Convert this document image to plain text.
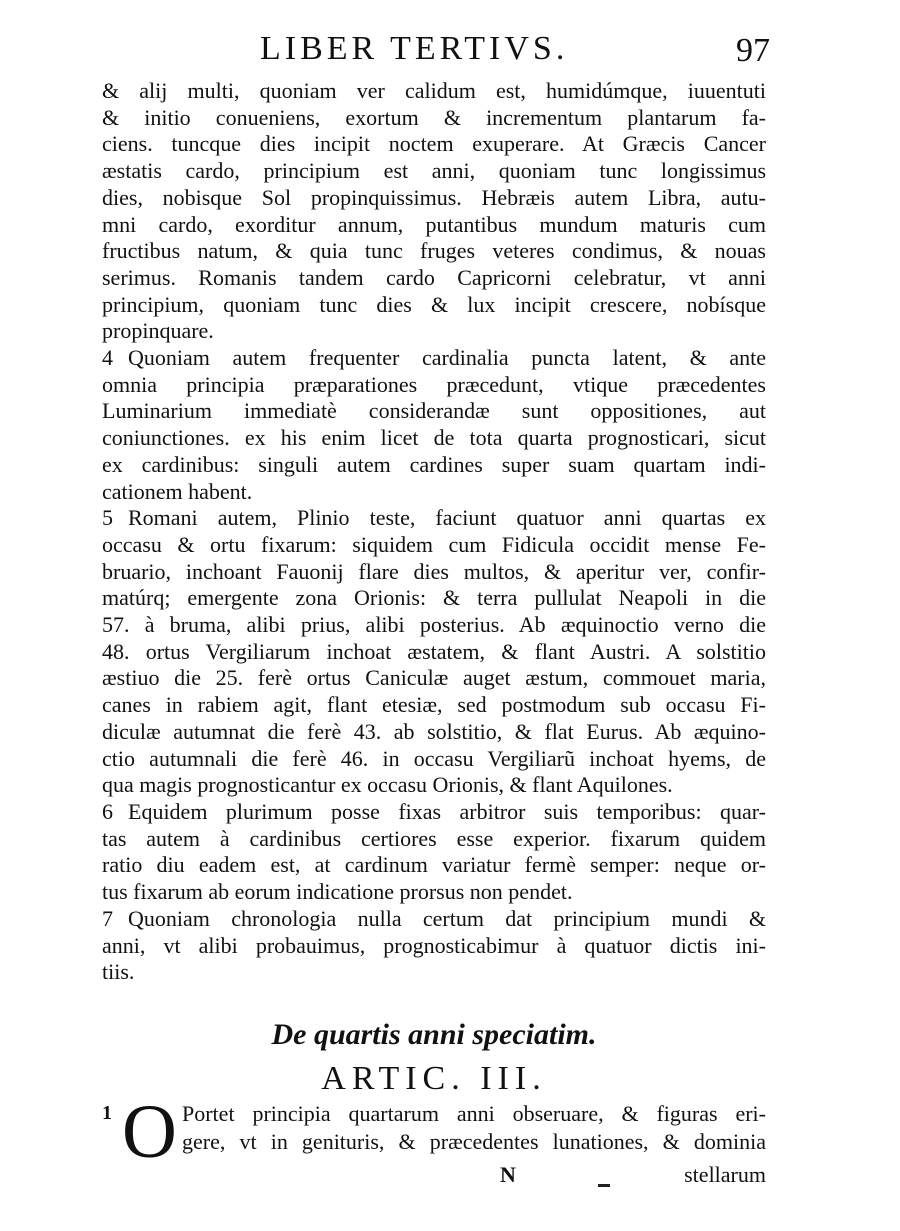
LIBER TERTIVS.	97
& alij multi, quoniam ver calidum est, humidúmque, iuuentuti
& initio conueniens, exortum & incrementum plantarum fa-
ciens. tuncque dies incipit noctem exuperare. At Græcis Cancer
æstatis cardo, principium est anni, quoniam tunc longissimus
dies, nobisque Sol propinquissimus. Hebræis autem Libra, autu-
mni cardo, exorditur annum, putantibus mundum maturis cum
fructibus natum, & quia tunc fruges veteres condimus, & nouas
serimus. Romanis tandem cardo Capricorni celebratur, vt anni
principium, quoniam tunc dies & lux incipit crescere, nobísque
propinquare.
4 Quoniam autem frequenter cardinalia puncta latent, & ante
omnia principia præparationes præcedunt, vtique præcedentes
Luminarium immediatè considerandæ sunt oppositiones, aut
coniunctiones. ex his enim licet de tota quarta prognosticari, sicut
ex cardinibus: singuli autem cardines super suam quartam indi-
cationem habent.
5 Romani autem, Plinio teste, faciunt quatuor anni quartas ex
occasu & ortu fixarum: siquidem cum Fidicula occidit mense Fe-
bruario, inchoant Fauonij flare dies multos, & aperitur ver, confir-
matúrq; emergente zona Orionis: & terra pullulat Neapoli in die
57. à bruma, alibi prius, alibi posterius. Ab æquinoctio verno die
48. ortus Vergiliarum inchoat æstatem, & flant Austri. A solstitio
æstiuo die 25. ferè ortus Caniculæ auget æstum, commouet maria,
canes in rabiem agit, flant etesiæ, sed postmodum sub occasu Fi-
diculæ autumnat die ferè 43. ab solstitio, & flat Eurus. Ab æquino-
ctio autumnali die ferè 46. in occasu Vergiliarũ inchoat hyems, de
qua magis prognosticantur ex occasu Orionis, & flant Aquilones.
6 Equidem plurimum posse fixas arbitror suis temporibus: quar-
tas autem à cardinibus certiores esse experior. fixarum quidem
ratio diu eadem est, at cardinum variatur fermè semper: neque or-
tus fixarum ab eorum indicatione prorsus non pendet.
7 Quoniam chronologia nulla certum dat principium mundi &
anni, vt alibi probauimus, prognosticabimur à quatuor dictis ini-
tiis.
De quartis anni speciatim.
ARTIC. III.
1 O Portet principia quartarum anni obseruare, & figuras eri-
gere, vt in genituris, & præcedentes lunationes, & dominia
N	stellarum
